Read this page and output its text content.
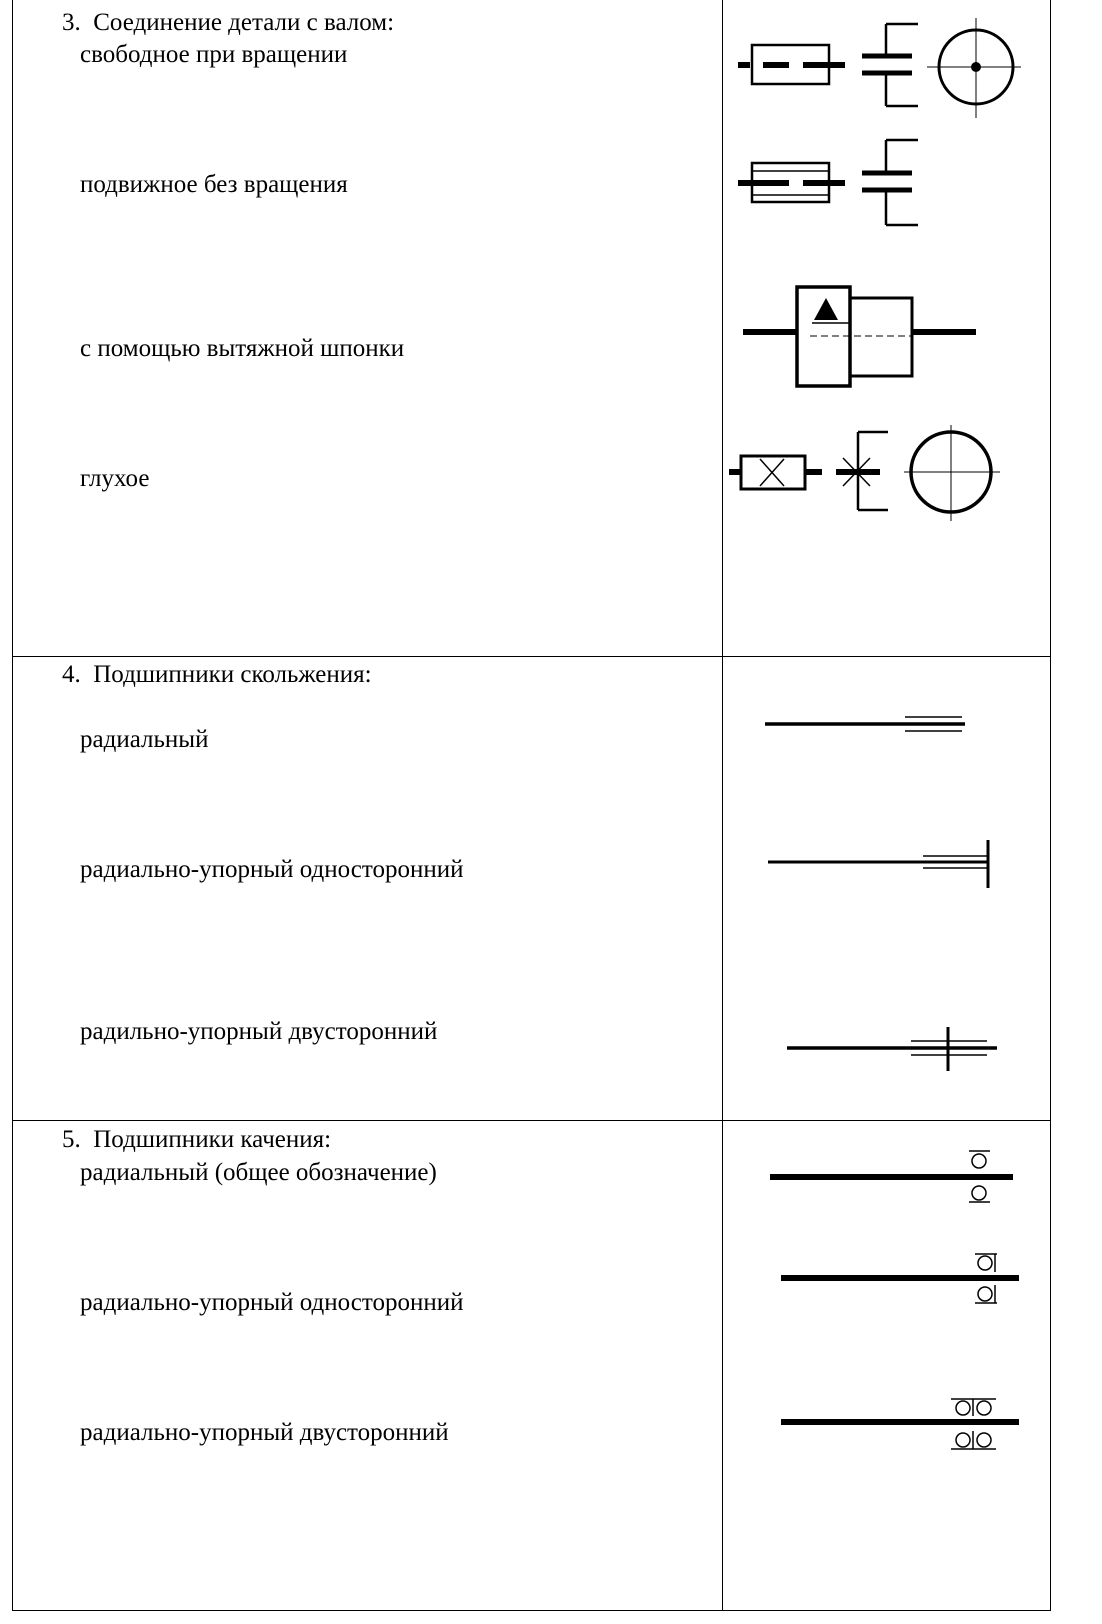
3. Соединение детали с валом:
свободное при вращении
подвижное без вращения
с помощью вытяжной шпонки
глухое
4. Подшипники скольжения:
радиальный
радиально-упорный односторонний
радильно-упорный двусторонний
5. Подшипники качения:
радиальный (общее обозначение)
радиально-упорный односторонний
радиально-упорный двусторонний
